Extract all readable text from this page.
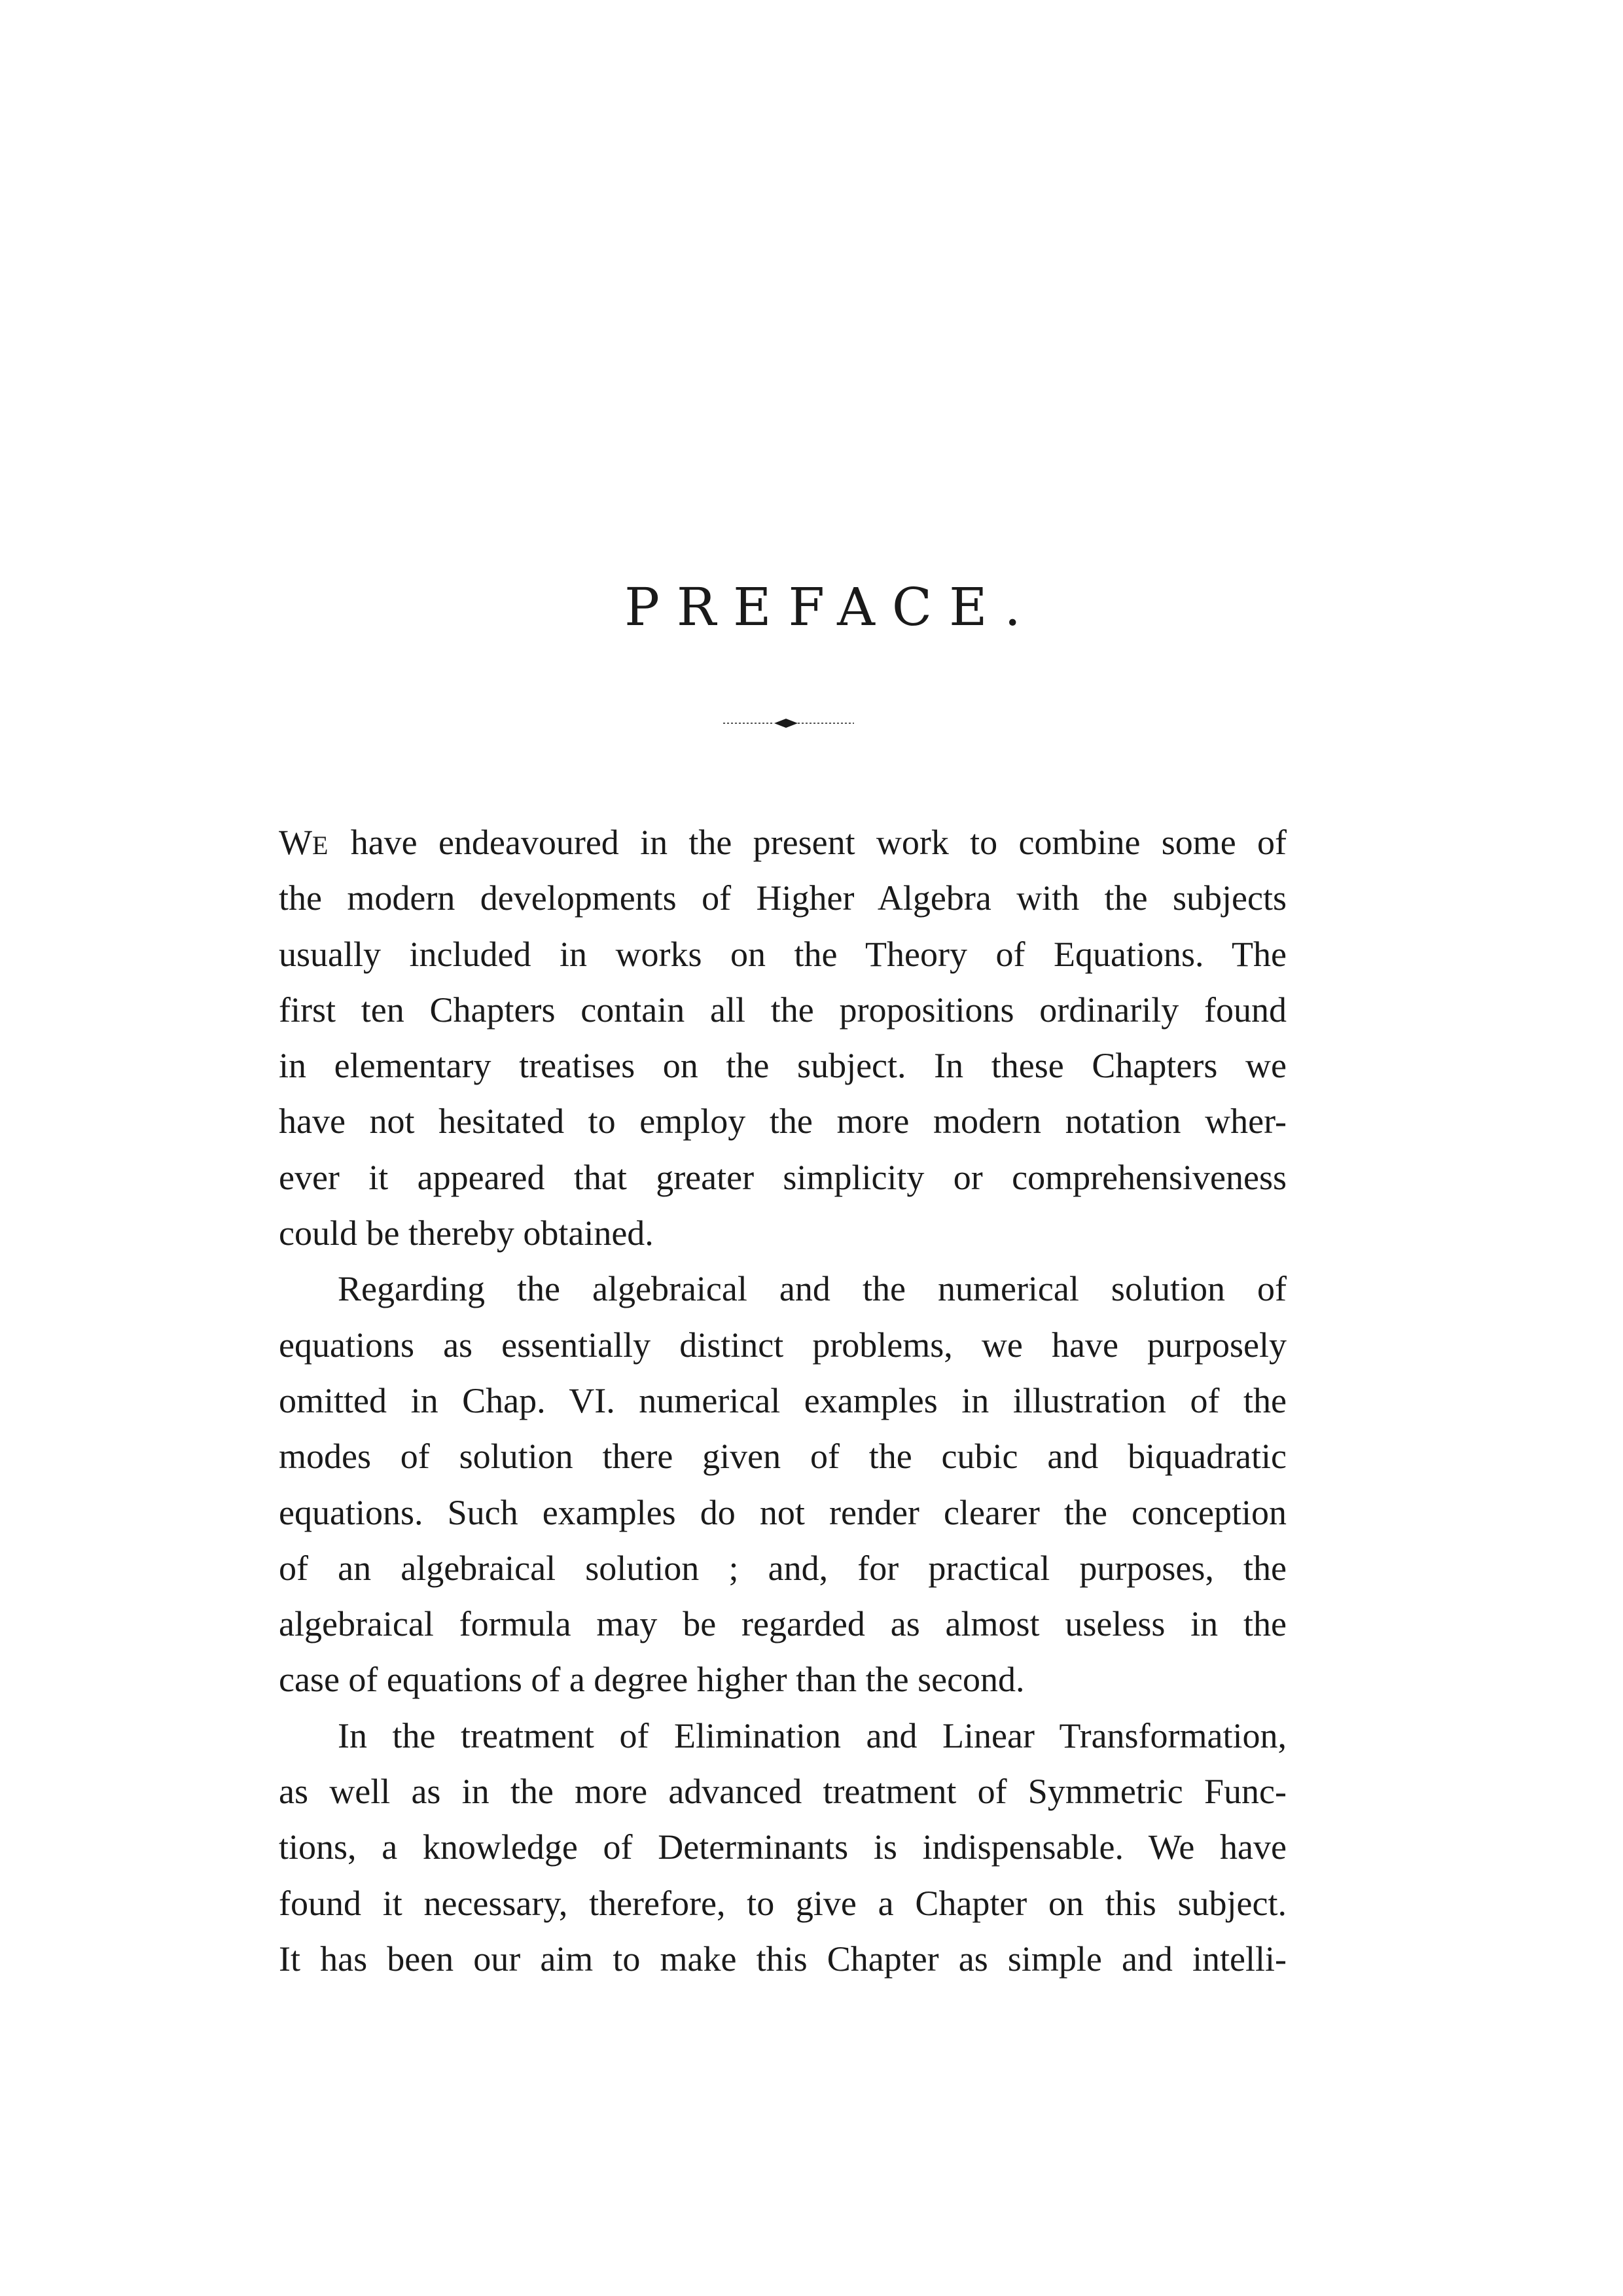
PREFACE.
WE have endeavoured in the present work to combine some of
the modern developments of Higher Algebra with the subjects
usually included in works on the Theory of Equations. The
first ten Chapters contain all the propositions ordinarily found
in elementary treatises on the subject. In these Chapters we
have not hesitated to employ the more modern notation wher-
ever it appeared that greater simplicity or comprehensiveness
could be thereby obtained.
Regarding the algebraical and the numerical solution of
equations as essentially distinct problems, we have purposely
omitted in Chap. VI. numerical examples in illustration of the
modes of solution there given of the cubic and biquadratic
equations. Such examples do not render clearer the conception
of an algebraical solution ; and, for practical purposes, the
algebraical formula may be regarded as almost useless in the
case of equations of a degree higher than the second.
In the treatment of Elimination and Linear Transformation,
as well as in the more advanced treatment of Symmetric Func-
tions, a knowledge of Determinants is indispensable. We have
found it necessary, therefore, to give a Chapter on this subject.
It has been our aim to make this Chapter as simple and intelli-
